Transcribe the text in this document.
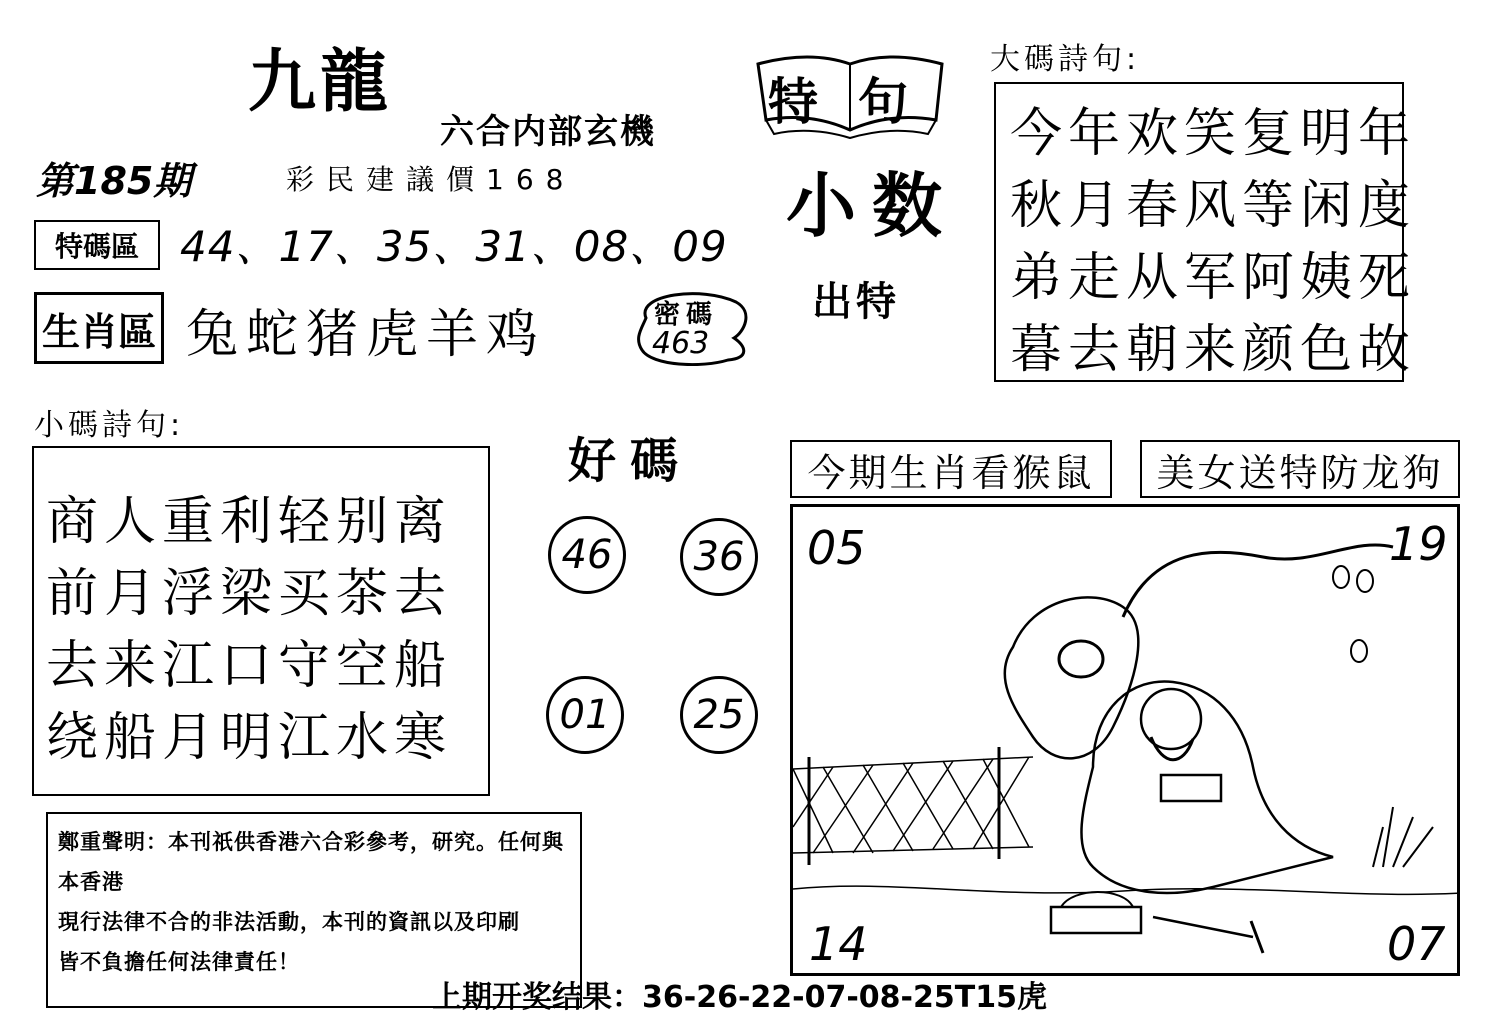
九龍
六合内部玄機
第185期	彩民建議價168
特碼區 44、17、35、31、08、09
生肖區 兔蛇猪虎羊鸡	密碼
463
特句
小数
出特
大碼詩句:
今年欢笑复明年
秋月春风等闲度
弟走从军阿姨死
暮去朝来颜色故
小碼詩句:
商人重利轻别离
前月浮梁买茶去
去来江口守空船
绕船月明江水寒
好碼
46	36
01	25
今期生肖看猴鼠	美女送特防龙狗
05	19
14	07
鄭重聲明：本刊祇供香港六合彩參考，研究。任何與本香港
現行法律不合的非法活動，本刊的資訊以及印刷
皆不負擔任何法律責任！
上期开奖结果：36-26-22-07-08-25T15虎
